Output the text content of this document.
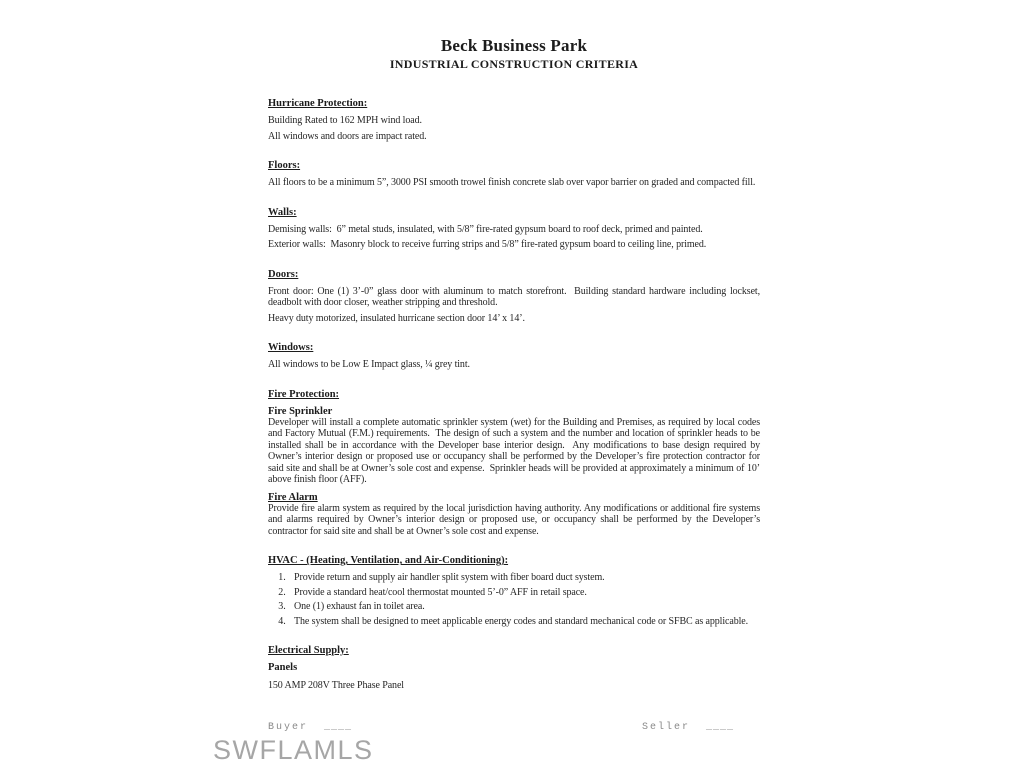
Beck Business Park
INDUSTRIAL CONSTRUCTION CRITERIA
Hurricane Protection:

Building Rated to 162 MPH wind load.

All windows and doors are impact rated.

Floors:

All floors to be a minimum 5”, 3000 PSI smooth trowel finish concrete slab over vapor barrier on graded and compacted fill.

Walls:

Demising walls:  6” metal studs, insulated, with 5/8” fire-rated gypsum board to roof deck, primed and painted.

Exterior walls:  Masonry block to receive furring strips and 5/8” fire-rated gypsum board to ceiling line, primed.

Doors:

Front door: One (1) 3’-0” glass door with aluminum to match storefront.  Building standard hardware including lockset, deadbolt with door closer, weather stripping and threshold.

Heavy duty motorized, insulated hurricane section door 14’ x 14’.

Windows:

All windows to be Low E Impact glass, ¼ grey tint.

Fire Protection:
Fire Sprinkler

Developer will install a complete automatic sprinkler system (wet) for the Building and Premises, as required by local codes and Factory Mutual (F.M.) requirements.  The design of such a system and the number and location of sprinkler heads to be installed shall be in accordance with the Developer base interior design.  Any modifications to base design required by Owner’s interior design or proposed use or occupancy shall be performed by the Developer’s fire protection contractor for said site and shall be at Owner’s sole cost and expense.  Sprinkler heads will be provided at approximately a minimum of 10’ above finish floor (AFF).

Fire Alarm

Provide fire alarm system as required by the local jurisdiction having authority. Any modifications or additional fire systems and alarms required by Owner’s interior design or proposed use, or occupancy shall be performed by the Developer’s contractor for said site and shall be at Owner’s sole cost and expense.

HVAC - (Heating, Ventilation, and Air-Conditioning):
1. Provide return and supply air handler split system with fiber board duct system.
2. Provide a standard heat/cool thermostat mounted 5’-0” AFF in retail space.
3. One (1) exhaust fan in toilet area.
4. The system shall be designed to meet applicable energy codes and standard mechanical code or SFBC as applicable.
Electrical Supply:
Panels

150 AMP 208V Three Phase Panel

Buyer ____	Seller ____
SWFLAMLS
